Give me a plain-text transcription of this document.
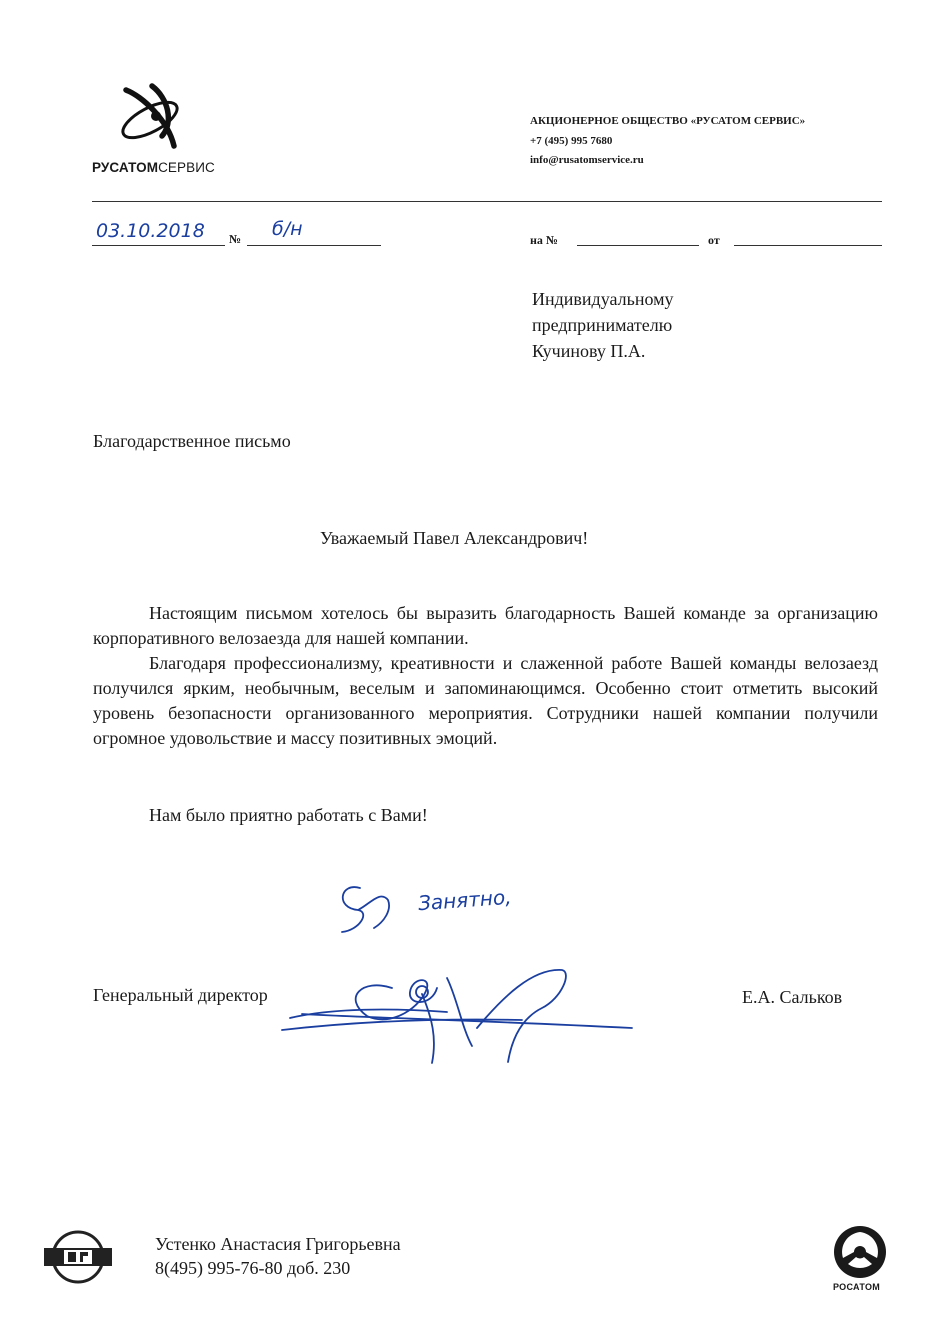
РУСАТОМСЕРВИС
АКЦИОНЕРНОЕ ОБЩЕСТВО «РУСАТОМ СЕРВИС»
+7 (495) 995 7680
info@rusatomservice.ru
03.10.2018 № б/н	на №	от
Индивидуальному
предпринимателю
Кучинову П.А.
Благодарственное письмо
Уважаемый Павел Александрович!

Настоящим письмом хотелось бы выразить благодарность Вашей команде за организацию корпоративного велозаезда для нашей компании.

Благодаря профессионализму, креативности и слаженной работе Вашей команды велозаезд получился ярким, необычным, веселым и запоминающимся. Особенно стоит отметить высокий уровень безопасности организованного мероприятия. Сотрудники нашей компании получили огромное удовольствие и массу позитивных эмоций.

Нам было приятно работать с Вами!
Занятно,
Генеральный директор	Е.А. Сальков
Устенко Анастасия Григорьевна
8(495) 995-76-80 доб. 230
РОСАТОМ
